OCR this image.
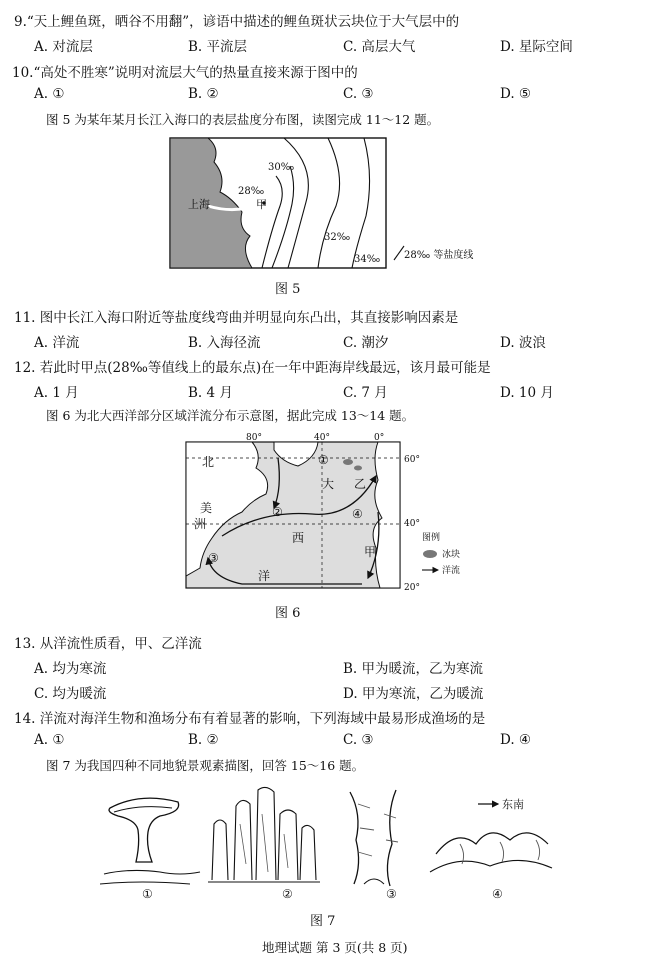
9.“天上鲤鱼斑，晒谷不用翻”，谚语中描述的鲤鱼斑状云块位于大气层中的
A. 对流层	B. 平流层	C. 高层大气	D. 星际空间
10.“高处不胜寒”说明对流层大气的热量直接来源于图中的
A. ①	B. ②	C. ③	D. ⑤
图 5 为某年某月长江入海口的表层盐度分布图，读图完成 11～12 题。
上海	甲
28‰
30‰
32‰
34‰ 28‰ 等盐度线
图 5
11. 图中长江入海口附近等盐度线弯曲并明显向东凸出，其直接影响因素是
A. 洋流	B. 入海径流	C. 潮汐	D. 波浪
12. 若此时甲点(28‰等值线上的最东点)在一年中距海岸线最远，该月最可能是
A. 1 月	B. 4 月	C. 7 月	D. 10 月
图 6 为北大西洋部分区域洋流分布示意图，据此完成 13～14 题。
80°	40°	0°
60°
40°
20°
北
美
洲
大
西
洋
乙
甲
①
②
③
④
图例
冰块
洋流
图 6
13. 从洋流性质看，甲、乙洋流
A. 均为寒流	B. 甲为暖流，乙为寒流
C. 均为暖流	D. 甲为寒流，乙为暖流
14. 洋流对海洋生物和渔场分布有着显著的影响，下列海域中最易形成渔场的是
A. ①	B. ②	C. ③	D. ④
图 7 为我国四种不同地貌景观素描图，回答 15～16 题。
①	②	③
东南
④
图 7
地理试题 第 3 页(共 8 页)
